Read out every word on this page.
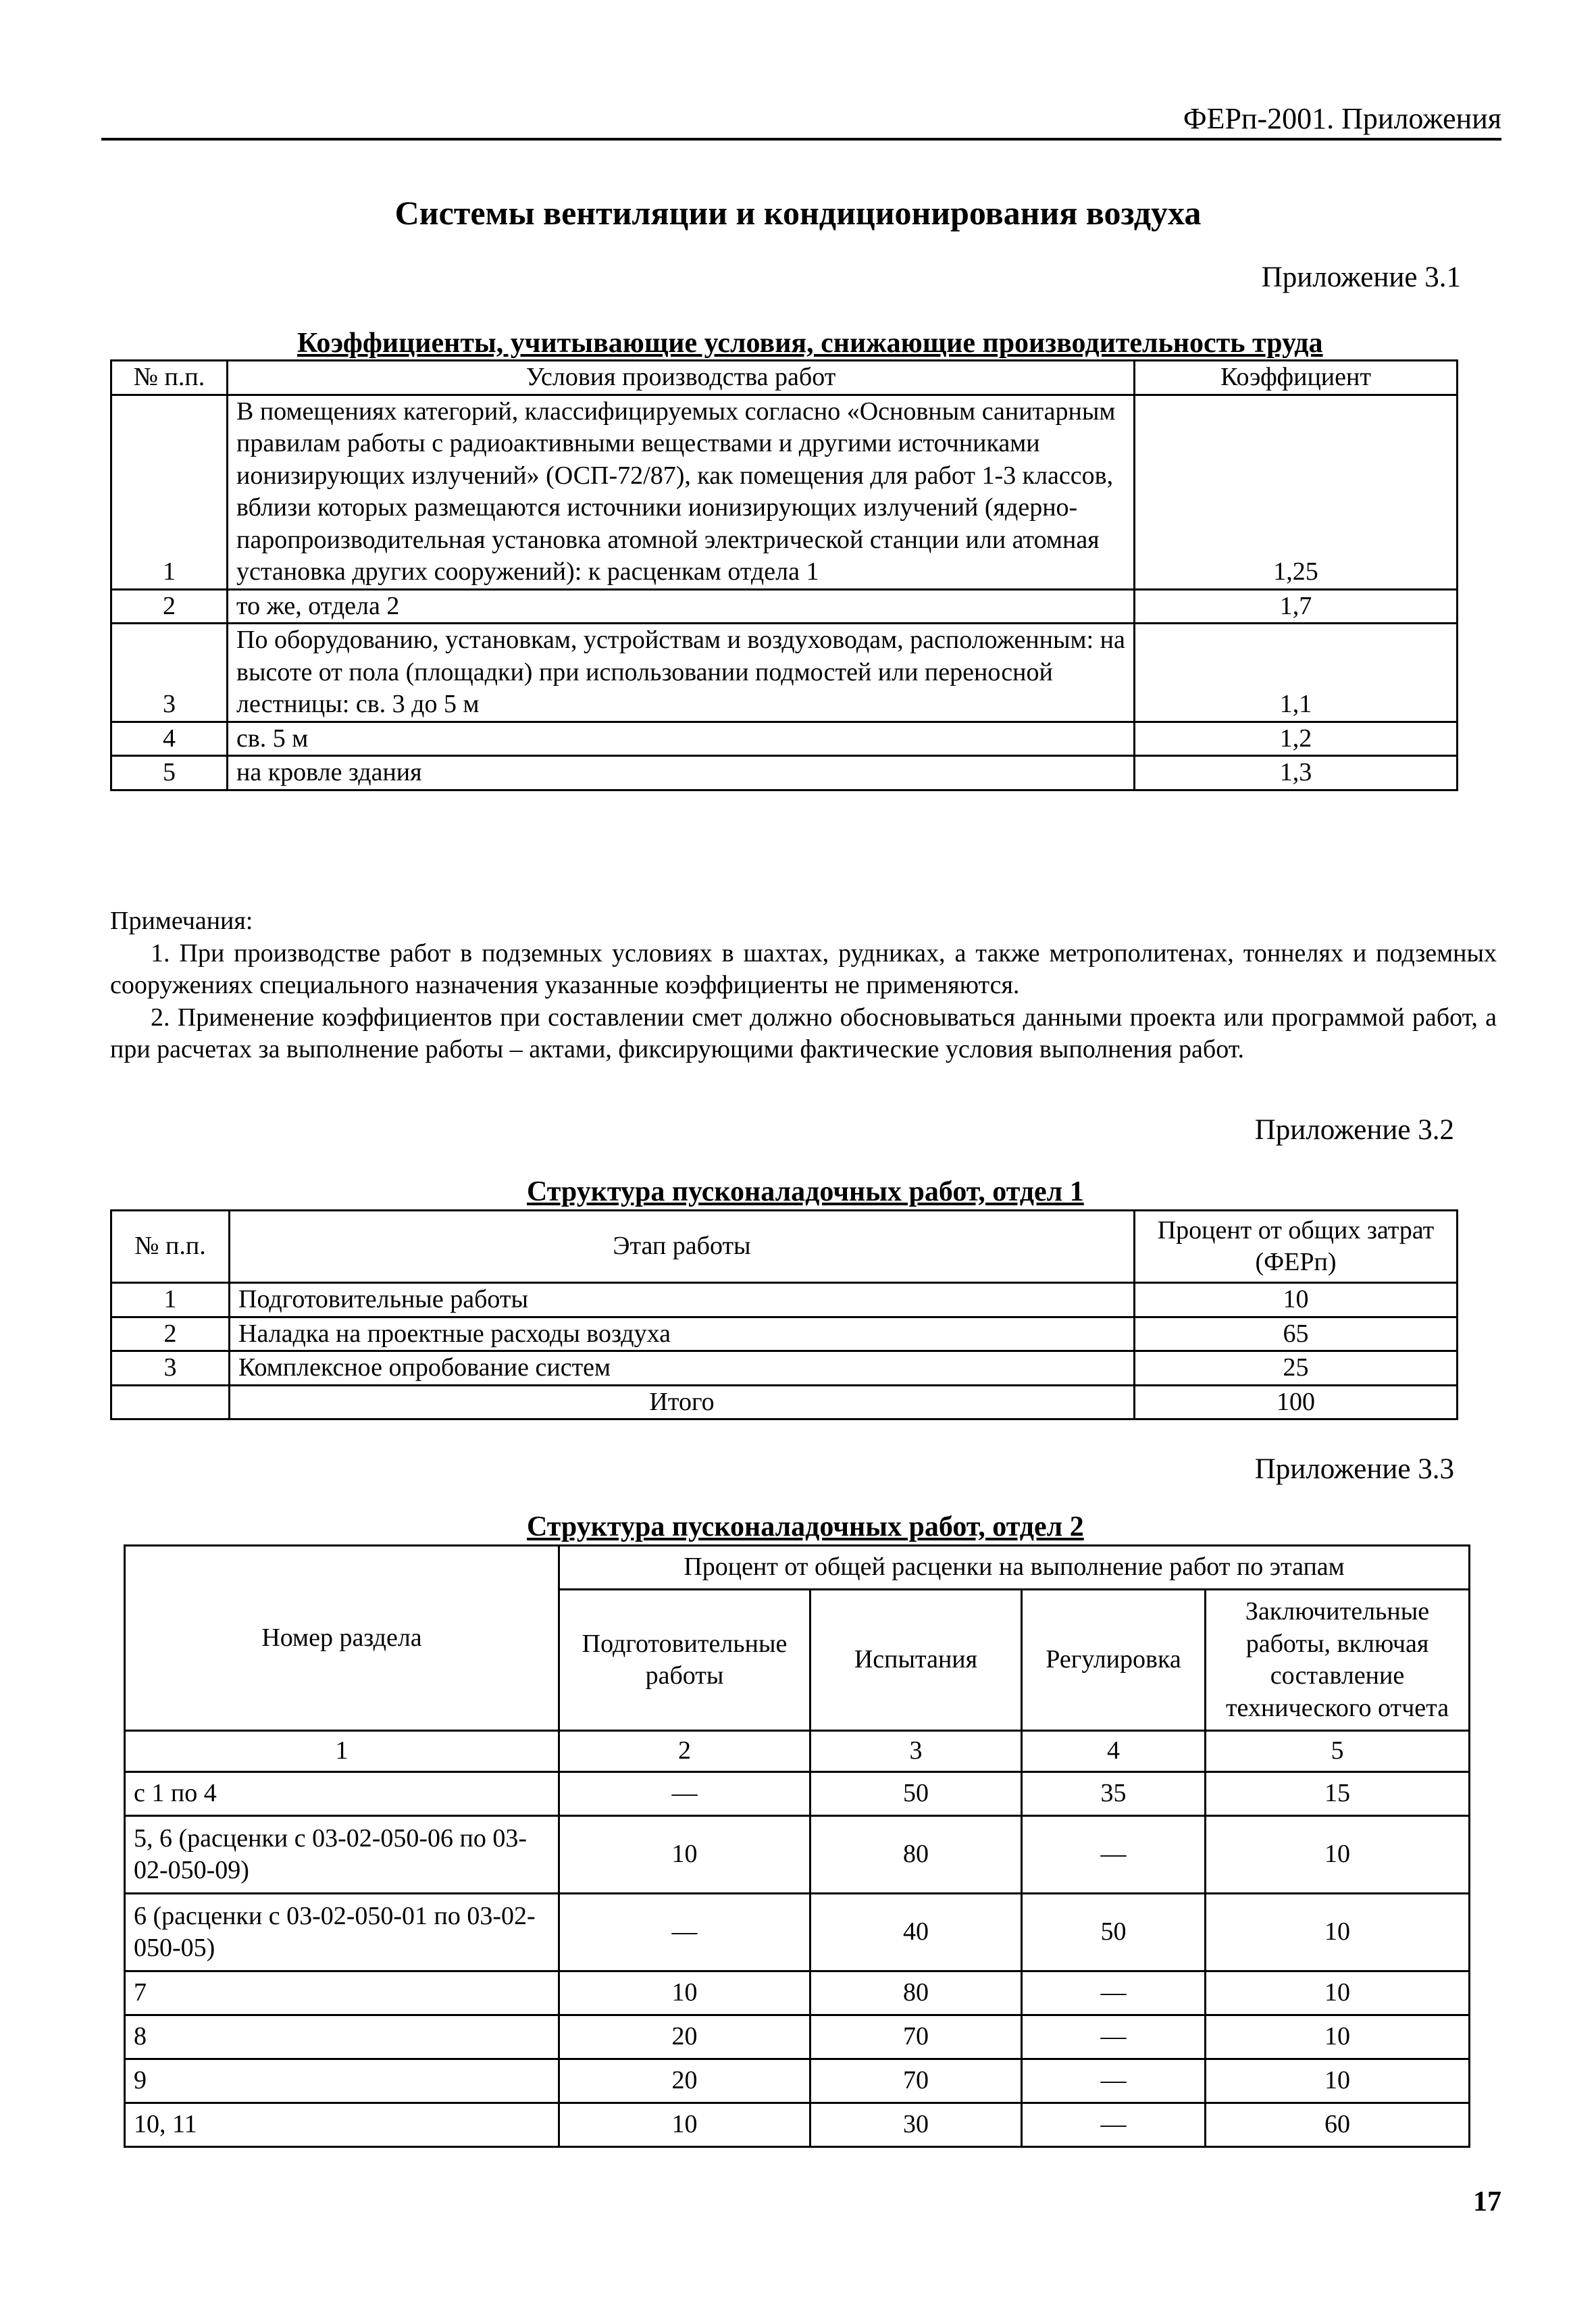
ФЕРп-2001. Приложения
Системы вентиляции и кондиционирования воздуха
Приложение 3.1
Коэффициенты, учитывающие условия, снижающие производительность труда
№ п.п.	Условия производства работ	Коэффициент
1	В помещениях категорий, классифицируемых согласно «Основным санитарным правилам работы с радиоактивными веществами и другими источниками ионизирующих излучений» (ОСП-72/87), как помещения для работ 1-3 классов, вблизи которых размещаются источники ионизирующих излучений (ядерно-паропроизводительная установка атомной электрической станции или атомная установка других сооружений): к расценкам отдела 1	1,25
2	то же, отдела 2	1,7
3	По оборудованию, установкам, устройствам и воздуховодам, расположенным: на высоте от пола (площадки) при использовании подмостей или переносной лестницы: св. 3 до 5 м	1,1
4	св. 5 м	1,2
5	на кровле здания	1,3

Примечания:

1. При производстве работ в подземных условиях в шахтах, рудниках, а также метрополитенах, тоннелях и подземных сооружениях специального назначения указанные коэффициенты не применяются.

2. Применение коэффициентов при составлении смет должно обосновываться данными проекта или программой работ, а при расчетах за выполнение работы – актами, фиксирующими фактические условия выполнения работ.

Приложение 3.2
Структура пусконаладочных работ, отдел 1
№ п.п.	Этап работы	Процент от общих затрат (ФЕРп)
1	Подготовительные работы	10
2	Наладка на проектные расходы воздуха	65
3	Комплексное опробование систем	25
	Итого	100
Приложение 3.3
Структура пусконаладочных работ, отдел 2
Номер раздела	Процент от общей расценки на выполнение работ по этапам			
	Подготовительные работы	Испытания	Регулировка	Заключительные работы, включая составление технического отчета
1	2	3	4	5
с 1 по 4	—	50	35	15
5, 6 (расценки с 03-02-050-06 по 03-02-050-09)	10	80	—	10
6 (расценки с 03-02-050-01 по 03-02-050-05)	—	40	50	10
7	10	80	—	10
8	20	70	—	10
9	20	70	—	10
10, 11	10	30	—	60
17
